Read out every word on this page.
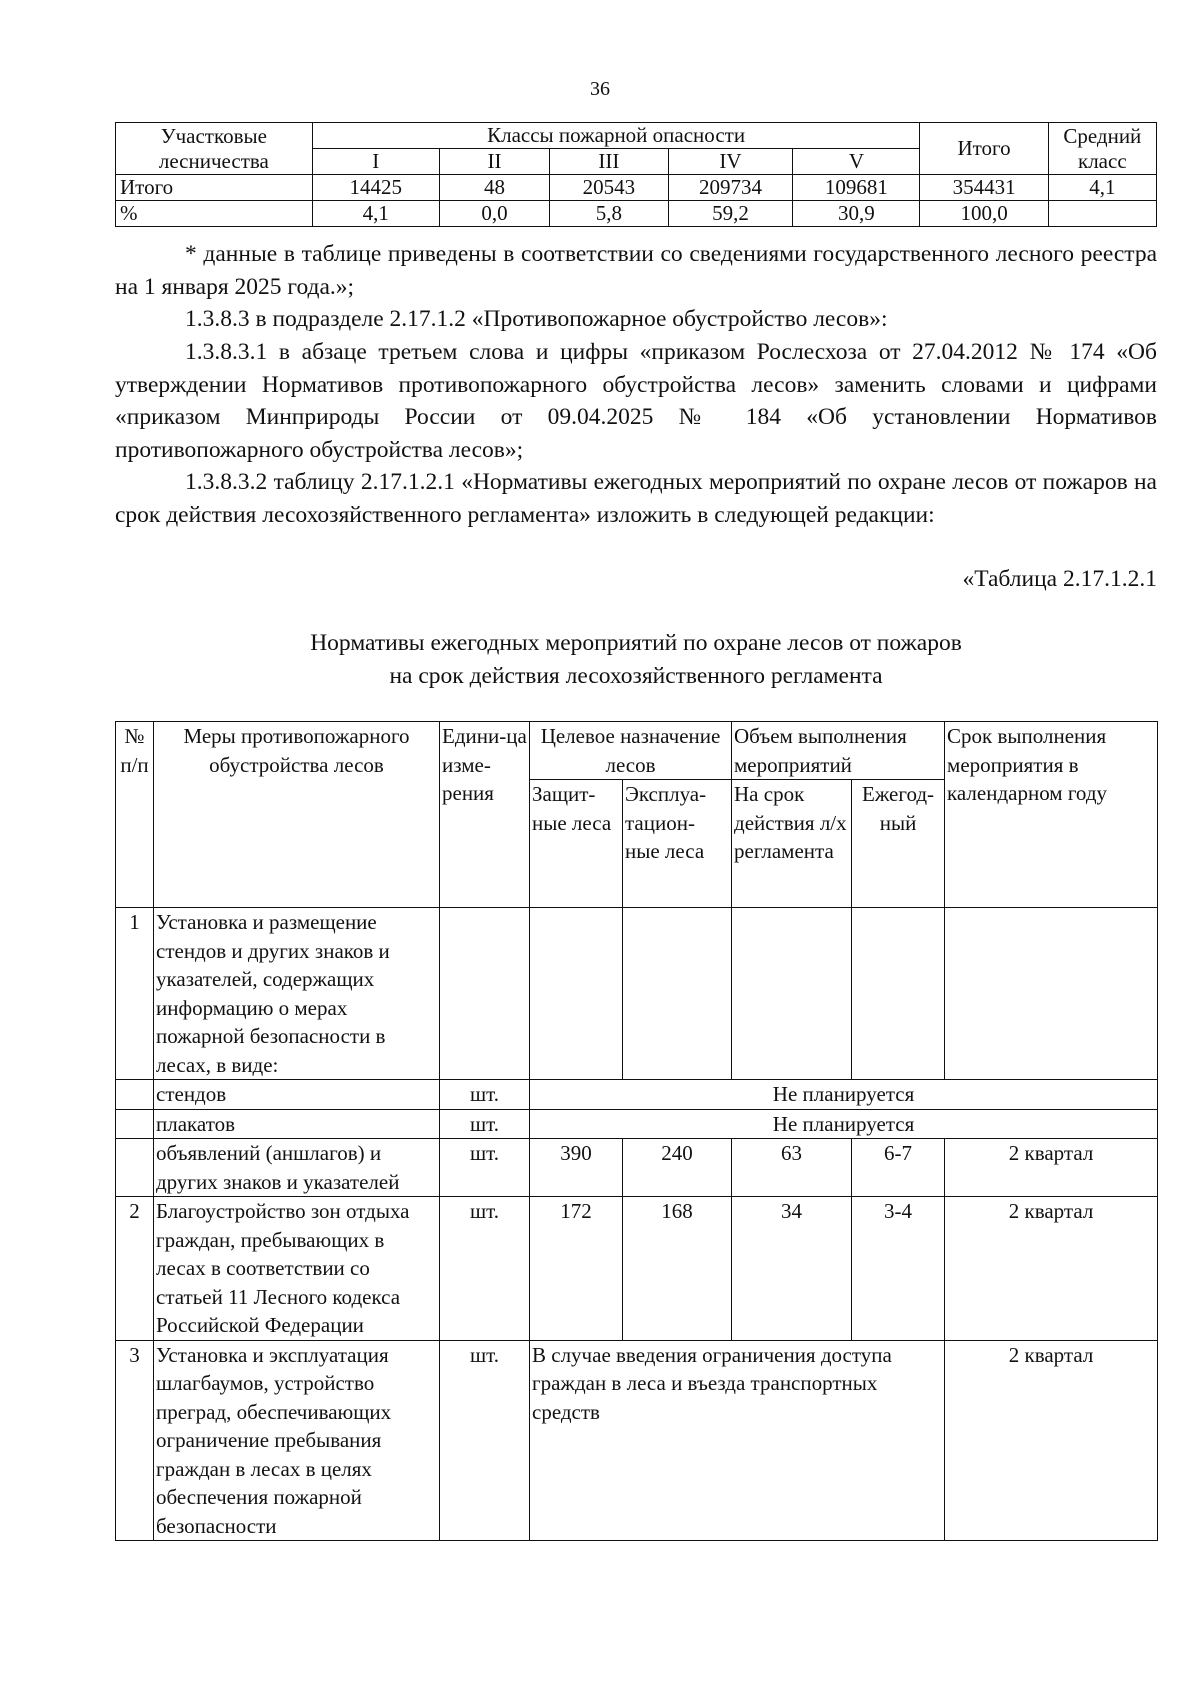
36
Участковые лесничества	Классы пожарной опасности					Итого	Средний класс
	I	II	III	IV	V		
Итого	14425	48	20543	209734	109681	354431	4,1
%	4,1	0,0	5,8	59,2	30,9	100,0	
* данные в таблице приведены в соответствии со сведениями государственного лесного реестра на 1 января 2025 года.»;
1.3.8.3 в подразделе 2.17.1.2 «Противопожарное обустройство лесов»:
1.3.8.3.1 в абзаце третьем слова и цифры «приказом Рослесхоза от 27.04.2012 № 174 «Об утверждении Нормативов противопожарного обустройства лесов» заменить словами и цифрами «приказом Минприроды России от 09.04.2025 № 184 «Об установлении Нормативов противопожарного обустройства лесов»;
1.3.8.3.2 таблицу 2.17.1.2.1 «Нормативы ежегодных мероприятий по охране лесов от пожаров на срок действия лесохозяйственного регламента» изложить в следующей редакции:
«Таблица 2.17.1.2.1
Нормативы ежегодных мероприятий по охране лесов от пожаров
на срок действия лесохозяйственного регламента
№ п/п	Меры противопожарного обустройства лесов	Едини-ца изме-рения	Целевое назначение лесов		Объем выполнения мероприятий		Срок выполнения мероприятия в календарном году
			Защит-ные леса	Эксплуа-тацион-ные леса	На срок действия л/х регламента	Ежегод-ный	
1	Установка и размещение стендов и других знаков и указателей, содержащих информацию о мерах пожарной безопасности в лесах, в виде:						
	стендов	шт.	Не планируется				
	плакатов	шт.	Не планируется				
	объявлений (аншлагов) и других знаков и указателей	шт.	390	240	63	6-7	2 квартал
2	Благоустройство зон отдыха граждан, пребывающих в лесах в соответствии со статьей 11 Лесного кодекса Российской Федерации	шт.	172	168	34	3-4	2 квартал
3	Установка и эксплуатация шлагбаумов, устройство преград, обеспечивающих ограничение пребывания граждан в лесах в целях обеспечения пожарной безопасности	шт.	В случае введения ограничения доступа граждан в леса и въезда транспортных средств				2 квартал
